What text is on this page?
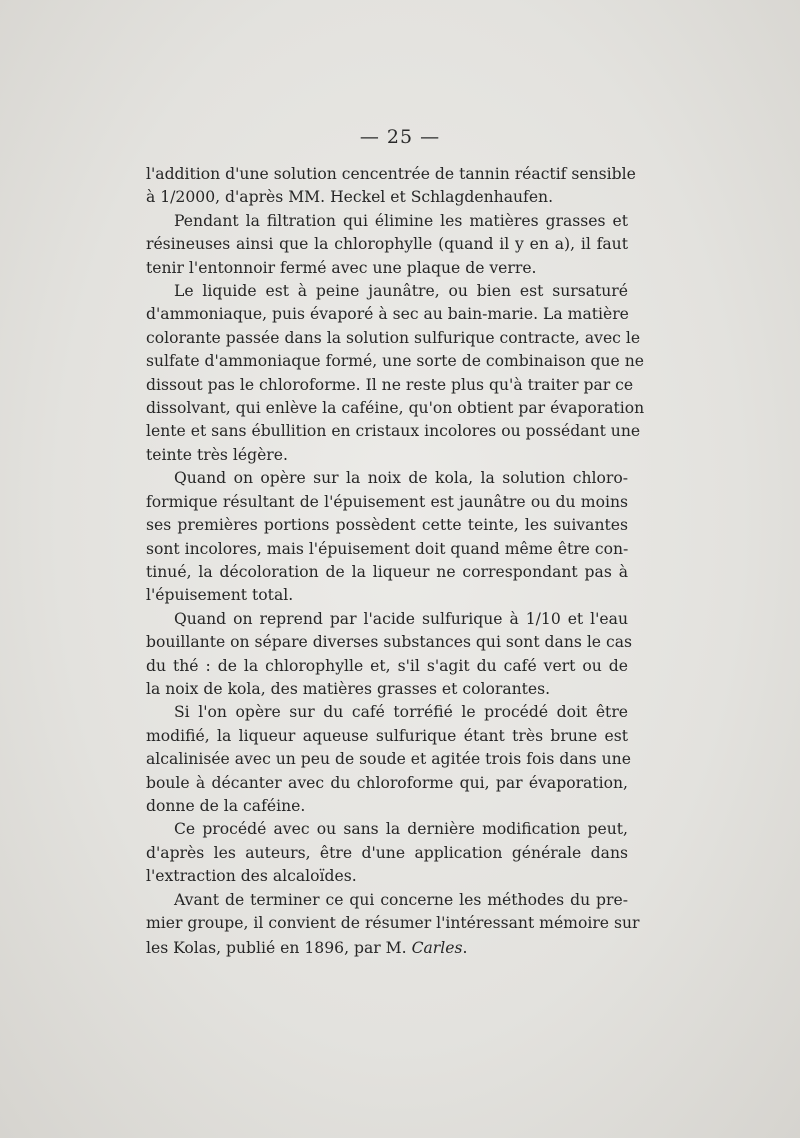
— 25 —
l'addition d'une solution cencentrée de tannin réactif sensible
à 1/2000, d'après MM. Heckel et Schlagdenhaufen.
Pendant la filtration qui élimine les matières grasses et
résineuses ainsi que la chlorophylle (quand il y en a), il faut
tenir l'entonnoir fermé avec une plaque de verre.
Le liquide est à peine jaunâtre, ou bien est sursaturé
d'ammoniaque, puis évaporé à sec au bain-marie. La matière
colorante passée dans la solution sulfurique contracte, avec le
sulfate d'ammoniaque formé, une sorte de combinaison que ne
dissout pas le chloroforme. Il ne reste plus qu'à traiter par ce
dissolvant, qui enlève la caféine, qu'on obtient par évaporation
lente et sans ébullition en cristaux incolores ou possédant une
teinte très légère.
Quand on opère sur la noix de kola, la solution chloro-
formique résultant de l'épuisement est jaunâtre ou du moins
ses premières portions possèdent cette teinte, les suivantes
sont incolores, mais l'épuisement doit quand même être con-
tinué, la décoloration de la liqueur ne correspondant pas à
l'épuisement total.
Quand on reprend par l'acide sulfurique à 1/10 et l'eau
bouillante on sépare diverses substances qui sont dans le cas
du thé : de la chlorophylle et, s'il s'agit du café vert ou de
la noix de kola, des matières grasses et colorantes.
Si l'on opère sur du café torréfié le procédé doit être
modifié, la liqueur aqueuse sulfurique étant très brune est
alcalinisée avec un peu de soude et agitée trois fois dans une
boule à décanter avec du chloroforme qui, par évaporation,
donne de la caféine.
Ce procédé avec ou sans la dernière modification peut,
d'après les auteurs, être d'une application générale dans
l'extraction des alcaloïdes.
Avant de terminer ce qui concerne les méthodes du pre-
mier groupe, il convient de résumer l'intéressant mémoire sur
les Kolas, publié en 1896, par M. Carles.
